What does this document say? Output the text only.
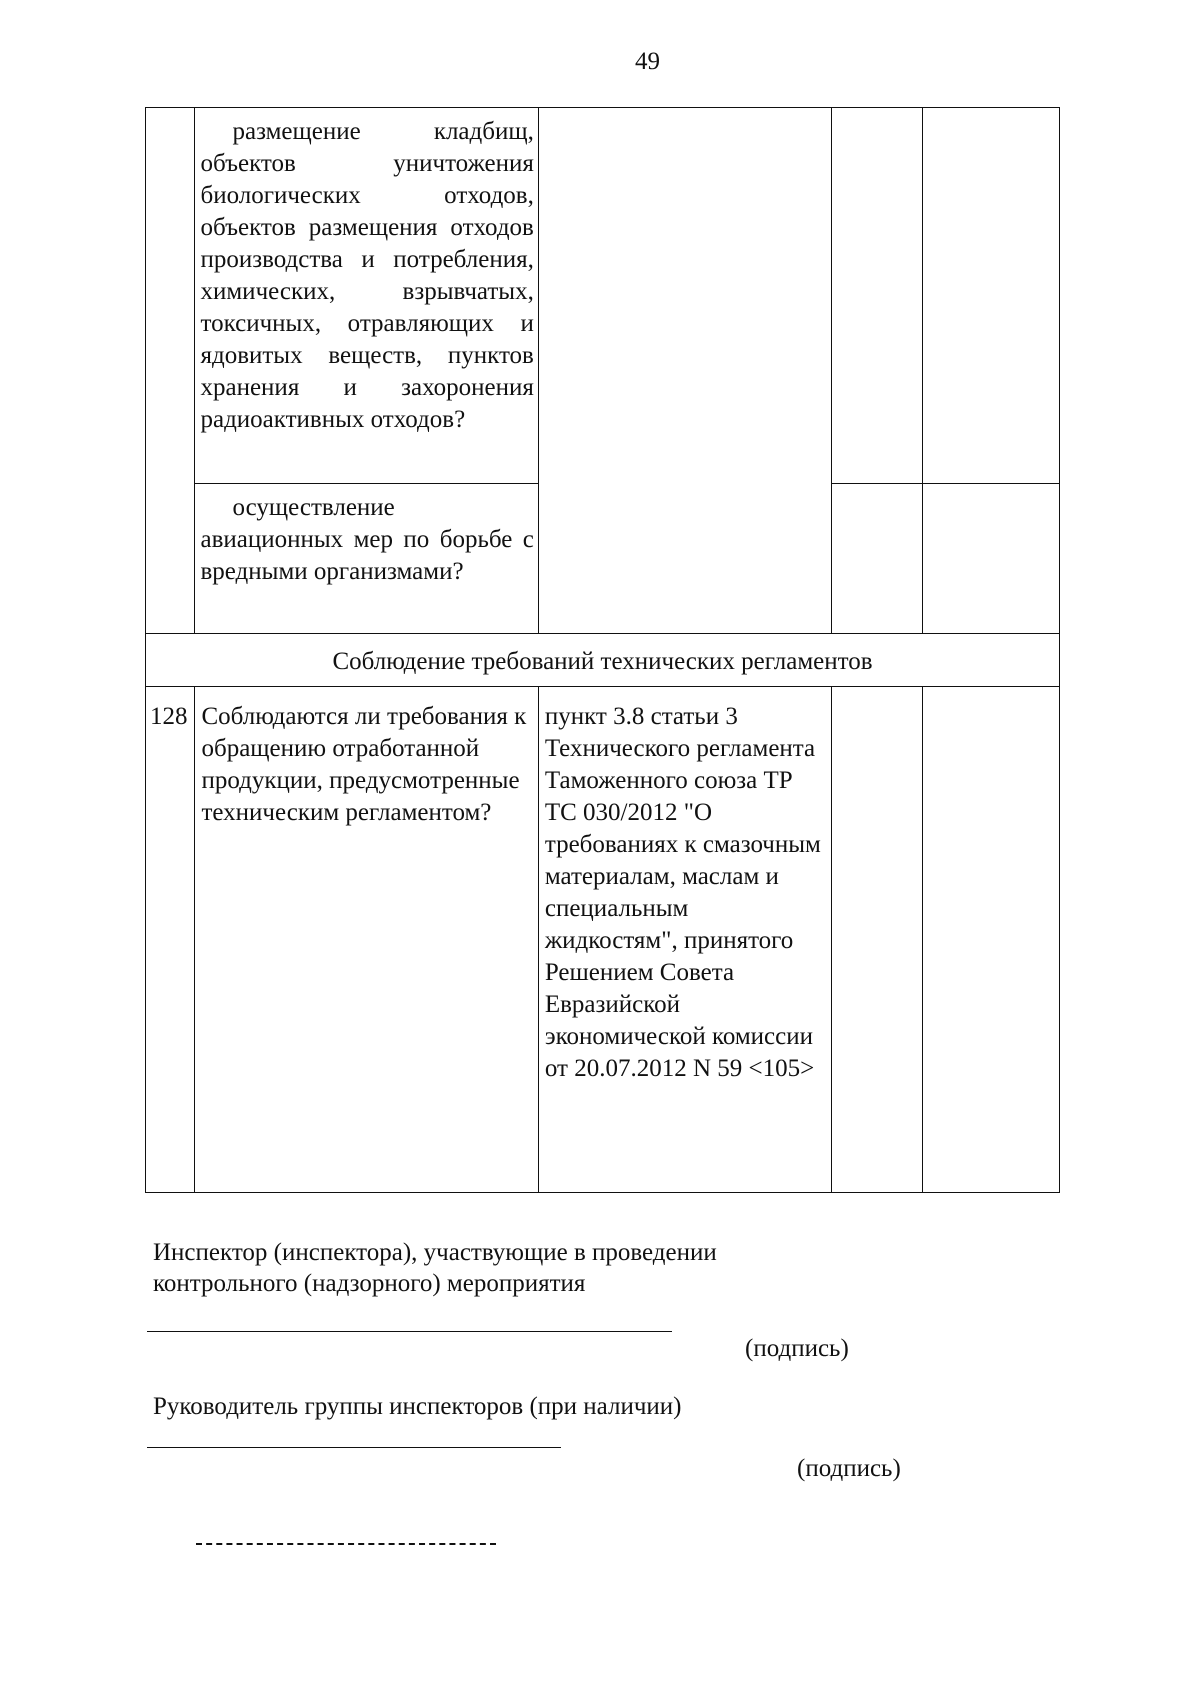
49
	размещение кладбищ, объектов уничтожения биологических отходов, объектов размещения отходов производства и потребления, химических, взрывчатых, токсичных, отравляющих и ядовитых веществ, пунктов хранения и захоронения радиоактивных отходов?			
	осуществление авиационных мер по борьбе с вредными организмами?			
Соблюдение требований технических регламентов				
128	Соблюдаются ли требования к обращению отработанной продукции, предусмотренные техническим регламентом?	пункт 3.8 статьи 3 Технического регламента Таможенного союза ТР ТС 030/2012 "О требованиях к смазочным материалам, маслам и специальным жидкостям", принятого Решением Совета Евразийской экономической комиссии от 20.07.2012 N 59 <105>		
Инспектор (инспектора), участвующие в проведении контрольного (надзорного) мероприятия
(подпись)
Руководитель группы инспекторов (при наличии)
(подпись)
